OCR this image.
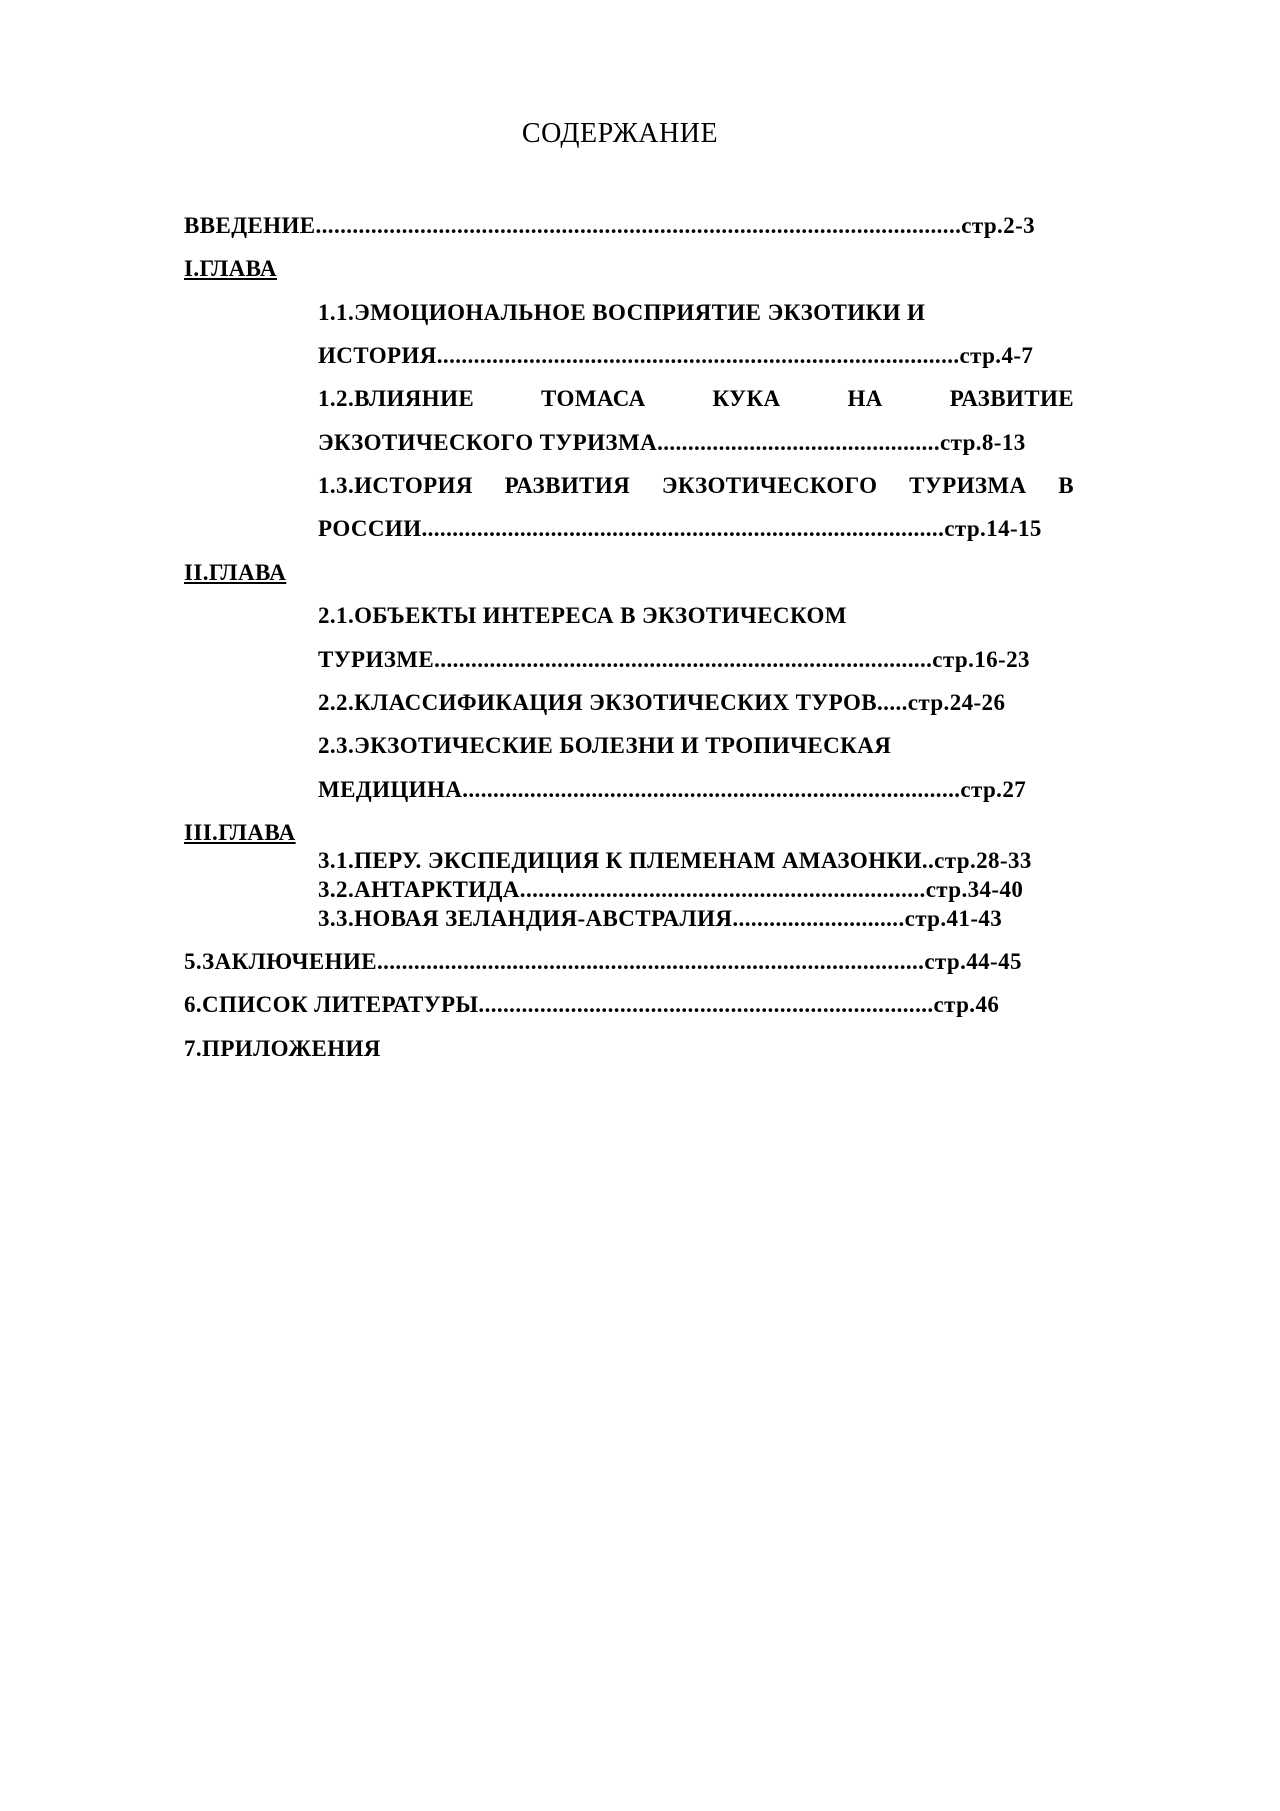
СОДЕРЖАНИЕ
ВВЕДЕНИЕ.........................................................................................................стр.2-3
I.ГЛАВА
1.1.ЭМОЦИОНАЛЬНОЕ ВОСПРИЯТИЕ ЭКЗОТИКИ И
ИСТОРИЯ.....................................................................................стр.4-7
1.2.ВЛИЯНИЕ ТОМАСА КУКА НА РАЗВИТИЕ
ЭКЗОТИЧЕСКОГО ТУРИЗМА..............................................стр.8-13
1.3.ИСТОРИЯ РАЗВИТИЯ ЭКЗОТИЧЕСКОГО ТУРИЗМА В
РОССИИ.....................................................................................стр.14-15
II.ГЛАВА
2.1.ОБЪЕКТЫ ИНТЕРЕСА В ЭКЗОТИЧЕСКОМ
ТУРИЗМЕ.................................................................................стр.16-23
2.2.КЛАССИФИКАЦИЯ ЭКЗОТИЧЕСКИХ ТУРОВ.....стр.24-26
2.3.ЭКЗОТИЧЕСКИЕ БОЛЕЗНИ И ТРОПИЧЕСКАЯ
МЕДИЦИНА.................................................................................стр.27
III.ГЛАВА
3.1.ПЕРУ. ЭКСПЕДИЦИЯ К ПЛЕМЕНАМ АМАЗОНКИ..стр.28-33
3.2.АНТАРКТИДА..................................................................стр.34-40
3.3.НОВАЯ ЗЕЛАНДИЯ-АВСТРАЛИЯ............................стр.41-43
5.ЗАКЛЮЧЕНИЕ.........................................................................................стр.44-45
6.СПИСОК ЛИТЕРАТУРЫ..........................................................................стр.46
7.ПРИЛОЖЕНИЯ
